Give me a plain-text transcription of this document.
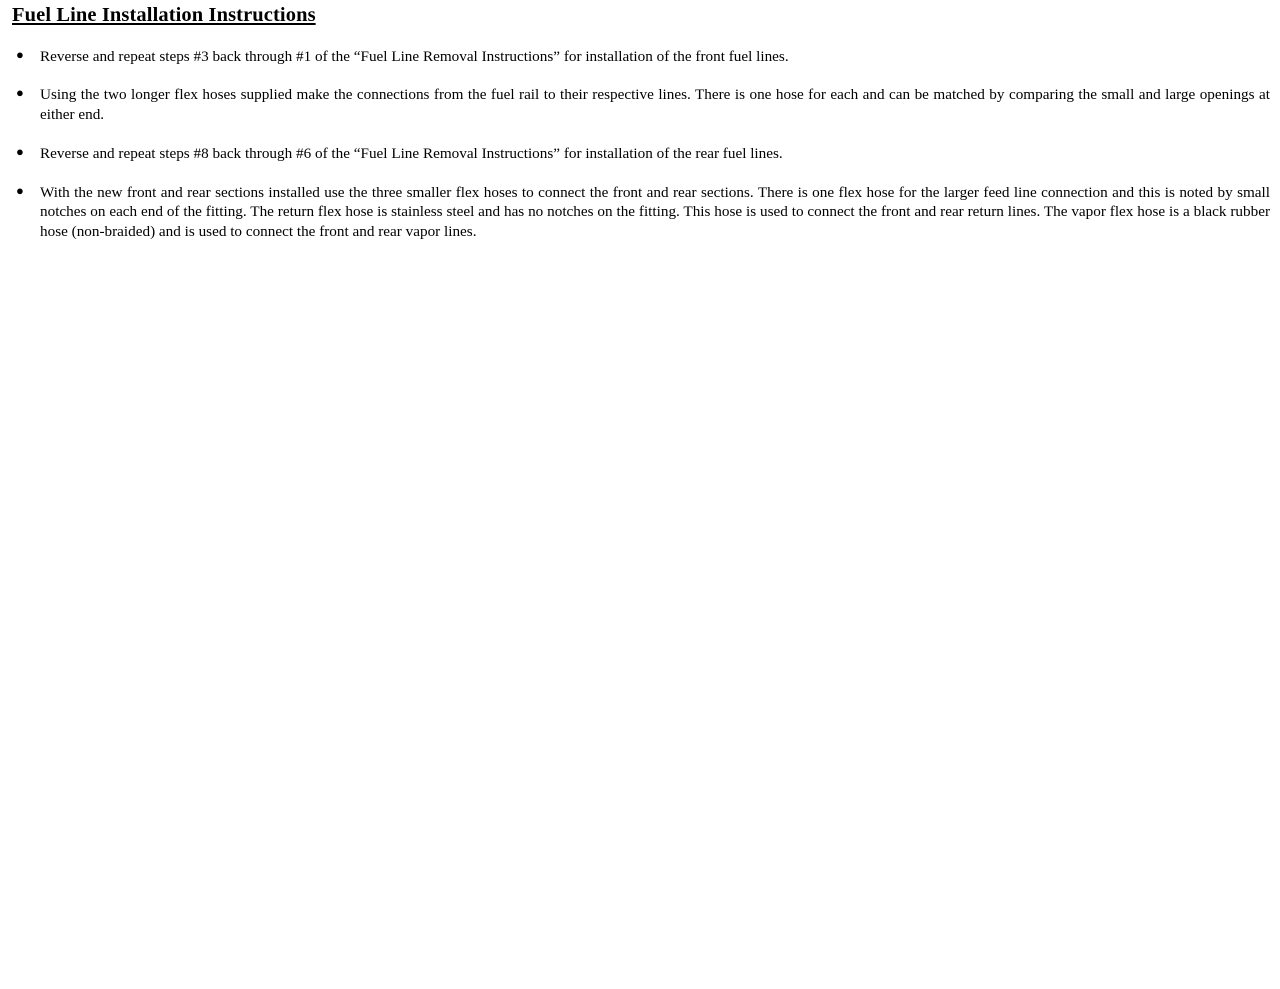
Fuel Line Installation Instructions
● Reverse and repeat steps #3 back through #1 of the “Fuel Line Removal Instructions” for installation of the front fuel lines.
● Using the two longer flex hoses supplied make the connections from the fuel rail to their respective lines. There is one hose for each and can be matched by comparing the small and large openings at either end.
● Reverse and repeat steps #8 back through #6 of the “Fuel Line Removal Instructions” for installation of the rear fuel lines.
● With the new front and rear sections installed use the three smaller flex hoses to connect the front and rear sections. There is one flex hose for the larger feed line connection and this is noted by small notches on each end of the fitting. The return flex hose is stainless steel and has no notches on the fitting. This hose is used to connect the front and rear return lines. The vapor flex hose is a black rubber hose (non-braided) and is used to connect the front and rear vapor lines.
